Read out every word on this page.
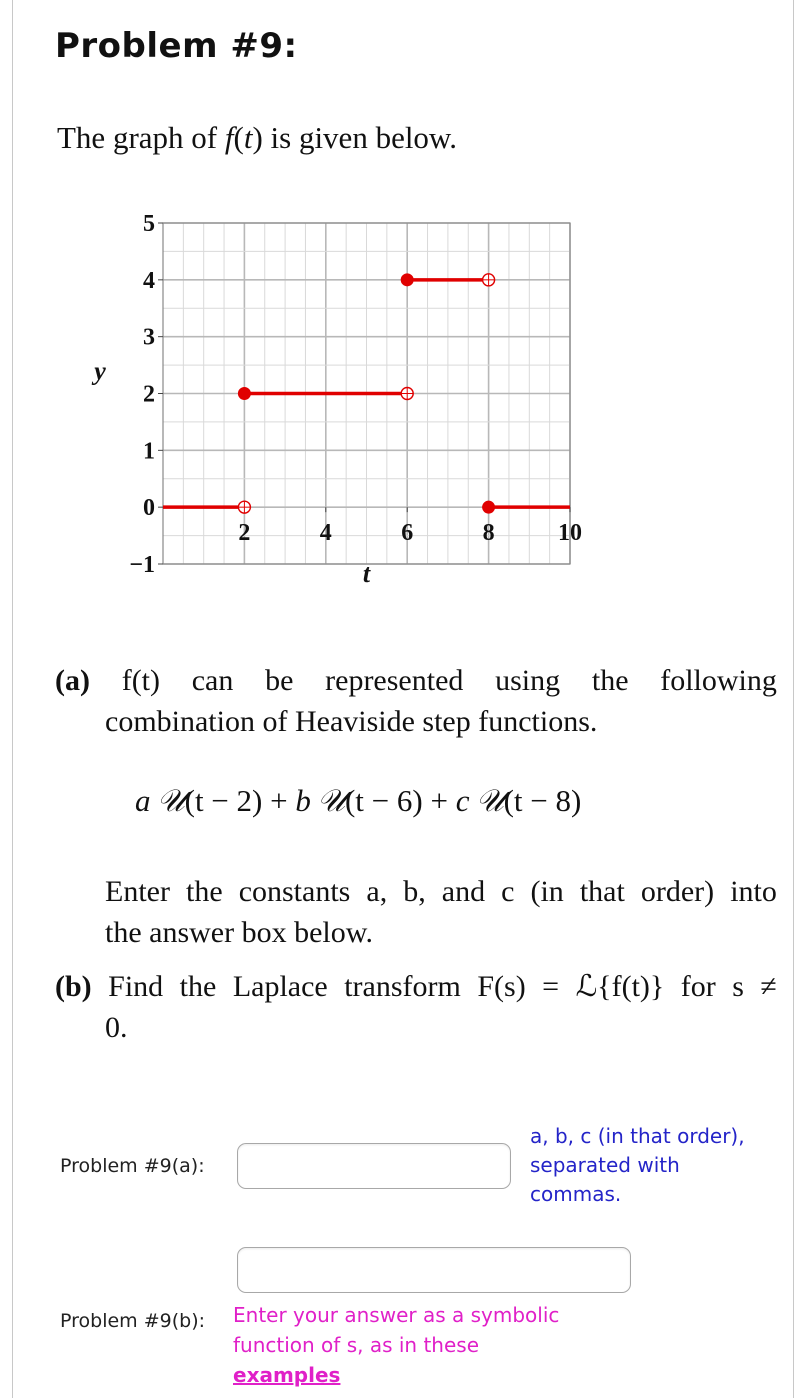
Problem #9:
The graph of f(t) is given below.
5
4
3
2
1
0
−1
2	4	6	8	10
y
t
(a) f(t) can be represented using the following
combination of Heaviside step functions.
a  𝒰(t − 2) + b  𝒰(t − 6) + c  𝒰(t − 8)
Enter the constants a, b, and c (in that order) into
the answer box below.
(b) Find the Laplace transform F(s) = ℒ{f(t)} for s ≠
0.
Problem #9(a):
a, b, c (in that order),
separated with
commas.
Problem #9(b): Enter your answer as a symbolic
function of s, as in these
examples
